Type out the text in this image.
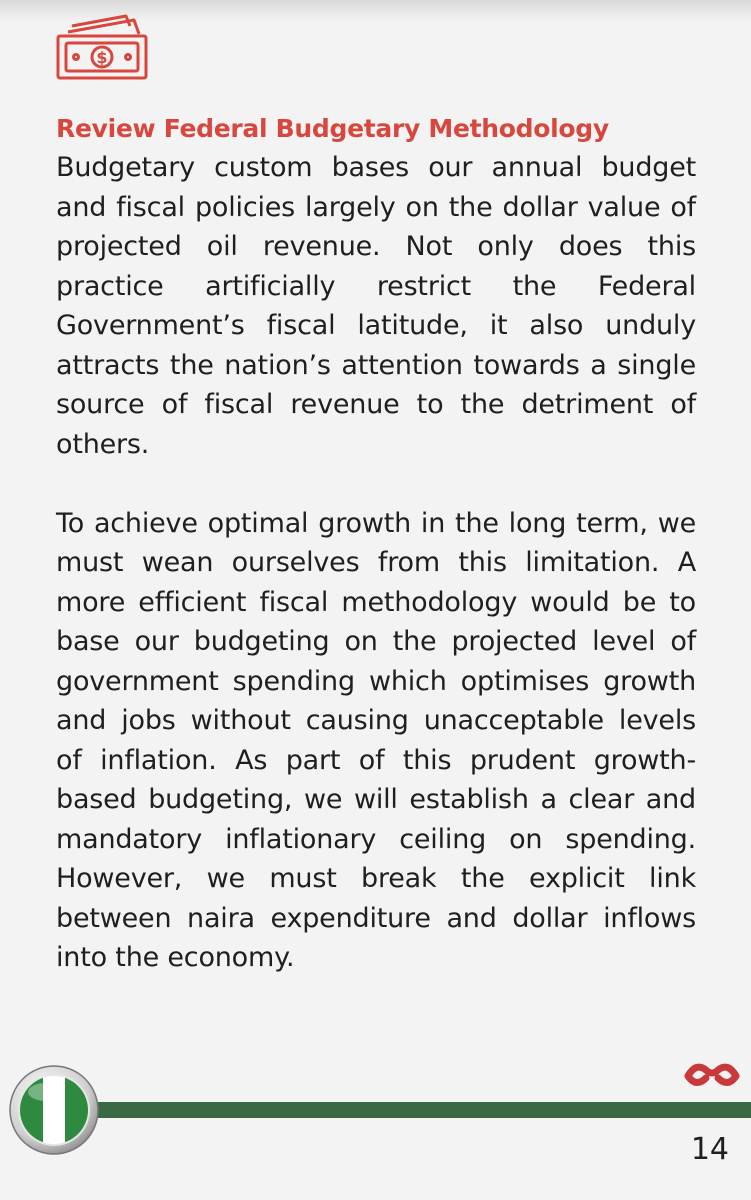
$
Review Federal Budgetary Methodology

Budgetary custom bases our annual budget and fiscal policies largely on the dollar value of projected oil revenue. Not only does this practice artificially restrict the Federal Government’s fiscal latitude, it also unduly attracts the nation’s attention towards a single source of fiscal revenue to the detriment of others.

To achieve optimal growth in the long term, we must wean ourselves from this limitation. A more efficient fiscal methodology would be to base our budgeting on the projected level of government spending which optimises growth and jobs without causing unacceptable levels of inflation. As part of this prudent growth-based budgeting, we will establish a clear and mandatory inflationary ceiling on spending. However, we must break the explicit link between naira expenditure and dollar inflows into the economy.

14
